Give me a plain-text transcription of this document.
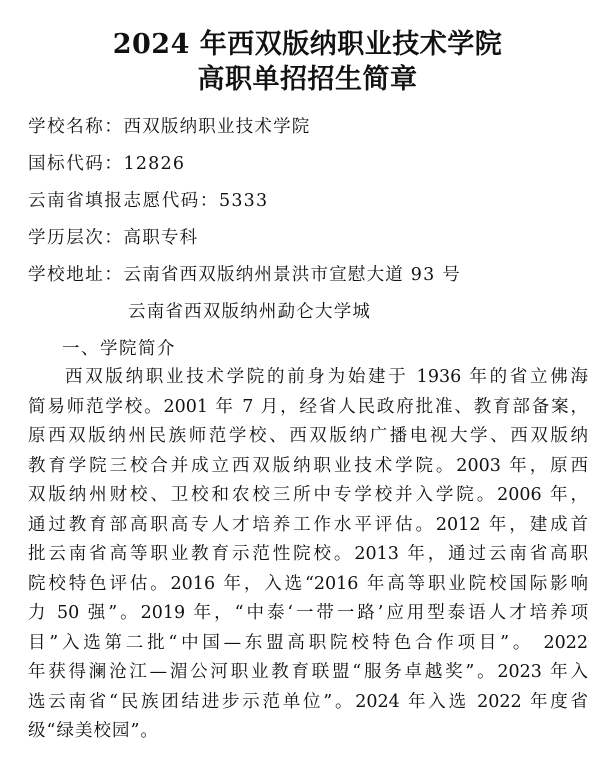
2024 年西双版纳职业技术学院
高职单招招生简章
学校名称：西双版纳职业技术学院
国标代码：12826
云南省填报志愿代码：5333
学历层次：高职专科
学校地址：云南省西双版纳州景洪市宣慰大道 93 号
云南省西双版纳州勐仑大学城
一、学院简介
西双版纳职业技术学院的前身为始建于 1936 年的省立佛海
简易师范学校。2001 年 7 月，经省人民政府批准、教育部备案，
原西双版纳州民族师范学校、西双版纳广播电视大学、西双版纳
教育学院三校合并成立西双版纳职业技术学院。2003 年，原西
双版纳州财校、卫校和农校三所中专学校并入学院。2006 年，
通过教育部高职高专人才培养工作水平评估。2012 年，建成首
批云南省高等职业教育示范性院校。2013 年，通过云南省高职
院校特色评估。2016 年，入选“2016 年高等职业院校国际影响
力 50 强”。2019 年，“中泰‘一带一路’应用型泰语人才培养项
目”入选第二批“中国—东盟高职院校特色合作项目”。 2022
年获得澜沧江—湄公河职业教育联盟“服务卓越奖”。2023 年入
选云南省“民族团结进步示范单位”。2024 年入选 2022 年度省
级“绿美校园”。
